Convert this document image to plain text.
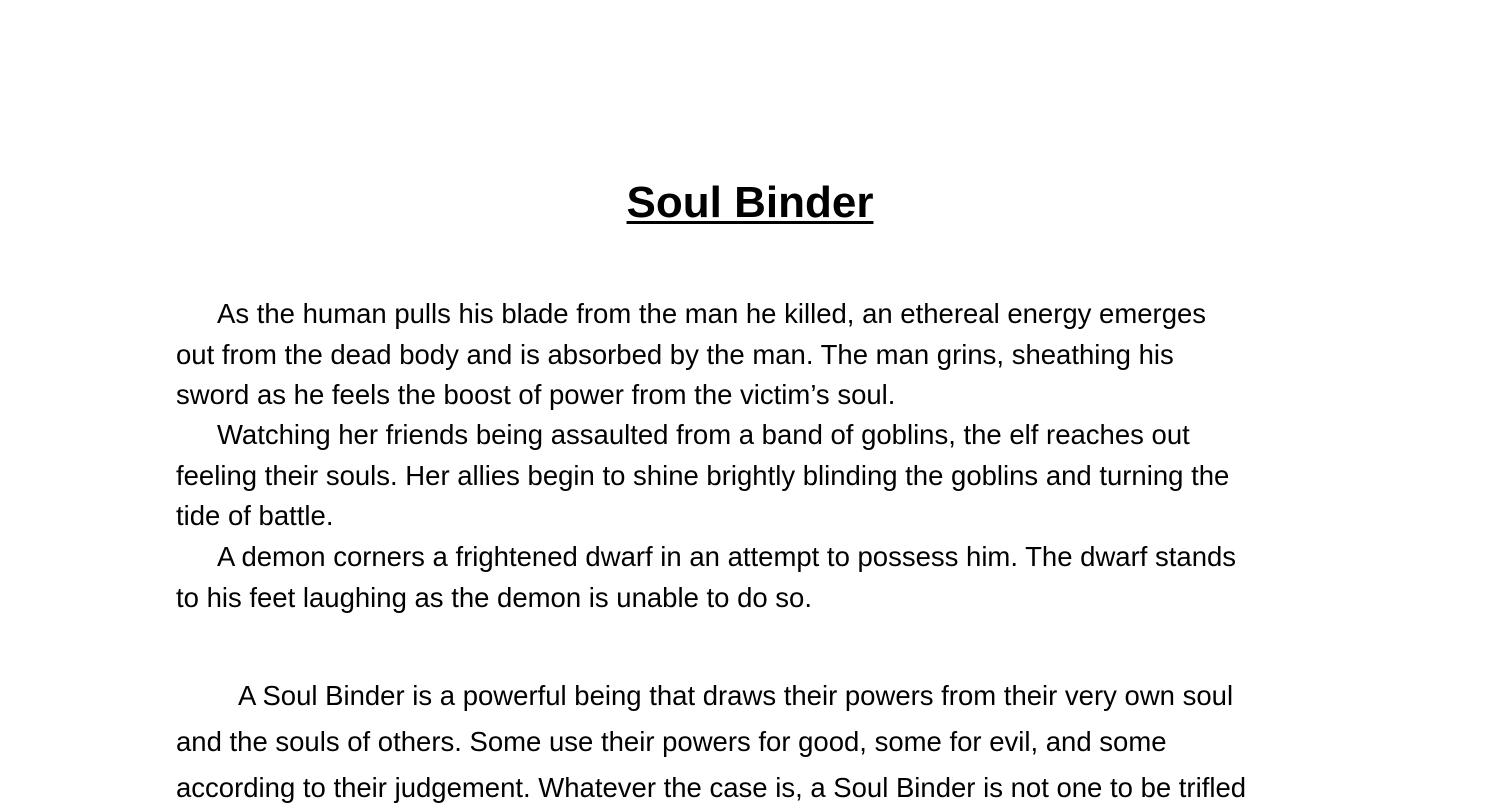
Soul Binder

As the human pulls his blade from the man he killed, an ethereal energy emerges
out from the dead body and is absorbed by the man. The man grins, sheathing his
sword as he feels the boost of power from the victim’s soul.

Watching her friends being assaulted from a band of goblins, the elf reaches out
feeling their souls. Her allies begin to shine brightly blinding the goblins and turning the
tide of battle.

A demon corners a frightened dwarf in an attempt to possess him. The dwarf stands
to his feet laughing as the demon is unable to do so.

A Soul Binder is a powerful being that draws their powers from their very own soul
and the souls of others. Some use their powers for good, some for evil, and some
according to their judgement. Whatever the case is, a Soul Binder is not one to be trifled
